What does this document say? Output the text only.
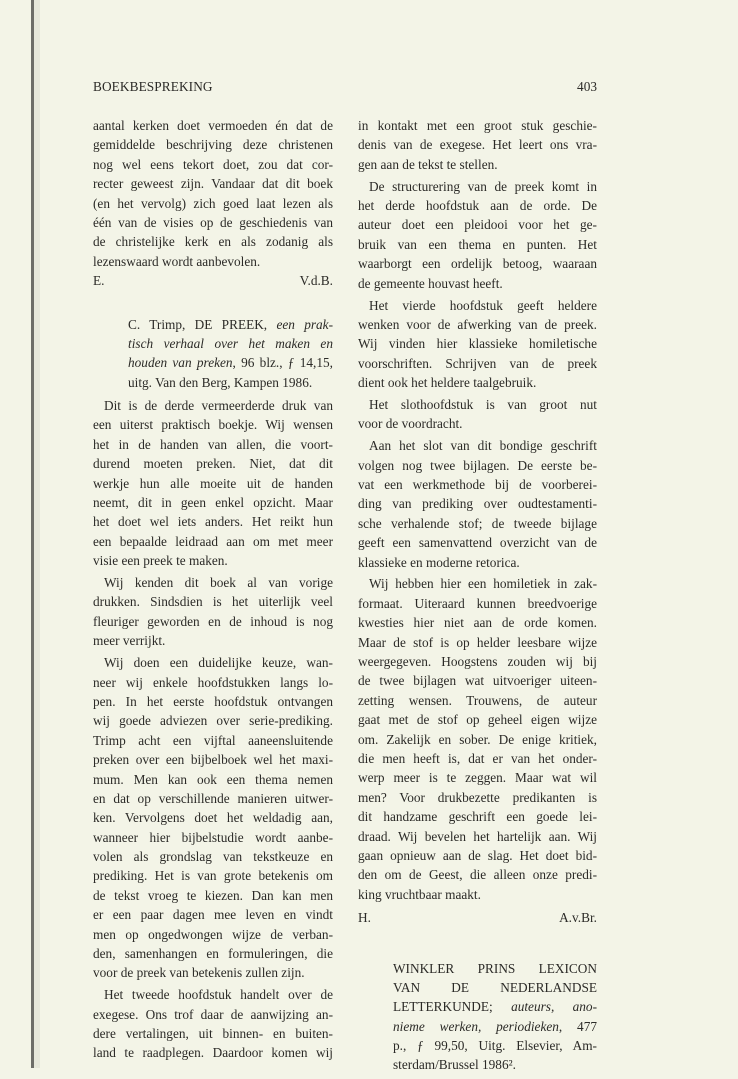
BOEKBESPREKING	403
aantal kerken doet vermoeden én dat de
gemiddelde beschrijving deze christenen
nog wel eens tekort doet, zou dat cor-
recter geweest zijn. Vandaar dat dit boek
(en het vervolg) zich goed laat lezen als
één van de visies op de geschiedenis van
de christelijke kerk en als zodanig als
lezenswaard wordt aanbevolen.
E.	V.d.B.
C. Trimp, DE PREEK, een prak-
tisch verhaal over het maken en
houden van preken, 96 blz., ƒ 14,15,
uitg. Van den Berg, Kampen 1986.
Dit is de derde vermeerderde druk van
een uiterst praktisch boekje. Wij wensen
het in de handen van allen, die voort-
durend moeten preken. Niet, dat dit
werkje hun alle moeite uit de handen
neemt, dit in geen enkel opzicht. Maar
het doet wel iets anders. Het reikt hun
een bepaalde leidraad aan om met meer
visie een preek te maken.
Wij kenden dit boek al van vorige
drukken. Sindsdien is het uiterlijk veel
fleuriger geworden en de inhoud is nog
meer verrijkt.
Wij doen een duidelijke keuze, wan-
neer wij enkele hoofdstukken langs lo-
pen. In het eerste hoofdstuk ontvangen
wij goede adviezen over serie-prediking.
Trimp acht een vijftal aaneensluitende
preken over een bijbelboek wel het maxi-
mum. Men kan ook een thema nemen
en dat op verschillende manieren uitwer-
ken. Vervolgens doet het weldadig aan,
wanneer hier bijbelstudie wordt aanbe-
volen als grondslag van tekstkeuze en
prediking. Het is van grote betekenis om
de tekst vroeg te kiezen. Dan kan men
er een paar dagen mee leven en vindt
men op ongedwongen wijze de verban-
den, samenhangen en formuleringen, die
voor de preek van betekenis zullen zijn.
Het tweede hoofdstuk handelt over de
exegese. Ons trof daar de aanwijzing an-
dere vertalingen, uit binnen- en buiten-
land te raadplegen. Daardoor komen wij
in kontakt met een groot stuk geschie-
denis van de exegese. Het leert ons vra-
gen aan de tekst te stellen.
De structurering van de preek komt in
het derde hoofdstuk aan de orde. De
auteur doet een pleidooi voor het ge-
bruik van een thema en punten. Het
waarborgt een ordelijk betoog, waaraan
de gemeente houvast heeft.
Het vierde hoofdstuk geeft heldere
wenken voor de afwerking van de preek.
Wij vinden hier klassieke homiletische
voorschriften. Schrijven van de preek
dient ook het heldere taalgebruik.
Het slothoofdstuk is van groot nut
voor de voordracht.
Aan het slot van dit bondige geschrift
volgen nog twee bijlagen. De eerste be-
vat een werkmethode bij de voorberei-
ding van prediking over oudtestamenti-
sche verhalende stof; de tweede bijlage
geeft een samenvattend overzicht van de
klassieke en moderne retorica.
Wij hebben hier een homiletiek in zak-
formaat. Uiteraard kunnen breedvoerige
kwesties hier niet aan de orde komen.
Maar de stof is op helder leesbare wijze
weergegeven. Hoogstens zouden wij bij
de twee bijlagen wat uitvoeriger uiteen-
zetting wensen. Trouwens, de auteur
gaat met de stof op geheel eigen wijze
om. Zakelijk en sober. De enige kritiek,
die men heeft is, dat er van het onder-
werp meer is te zeggen. Maar wat wil
men? Voor drukbezette predikanten is
dit handzame geschrift een goede lei-
draad. Wij bevelen het hartelijk aan. Wij
gaan opnieuw aan de slag. Het doet bid-
den om de Geest, die alleen onze predi-
king vruchtbaar maakt.
H.	A.v.Br.
WINKLER PRINS LEXICON
VAN DE NEDERLANDSE
LETTERKUNDE; auteurs, ano-
nieme werken, periodieken, 477
p., ƒ 99,50, Uitg. Elsevier, Am-
sterdam/Brussel 1986².
